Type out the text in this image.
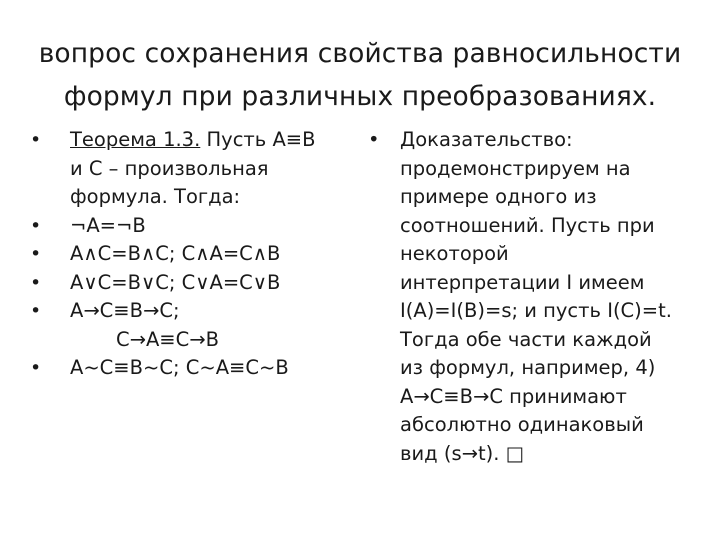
вопрос сохранения свойства равносильности
формул при различных преобразованиях.
• Теорема 1.3. Пусть A≡B
и С – произвольная
формула. Тогда:
• ¬A=¬B
• A∧C=B∧C; C∧A=C∧B
• A∨C=B∨C; C∨A=C∨B
• A→C≡B→C;
C→A≡C→B
• A~C≡B~C; C~A≡C~B
• Доказательство:
продемонстрируем на
примере одного из
соотношений. Пусть при
некоторой
интерпретации I имеем
I(A)=I(B)=s; и пусть I(C)=t.
Тогда обе части каждой
из формул, например, 4)
A→C≡B→C принимают
абсолютно одинаковый
вид (s→t). □
